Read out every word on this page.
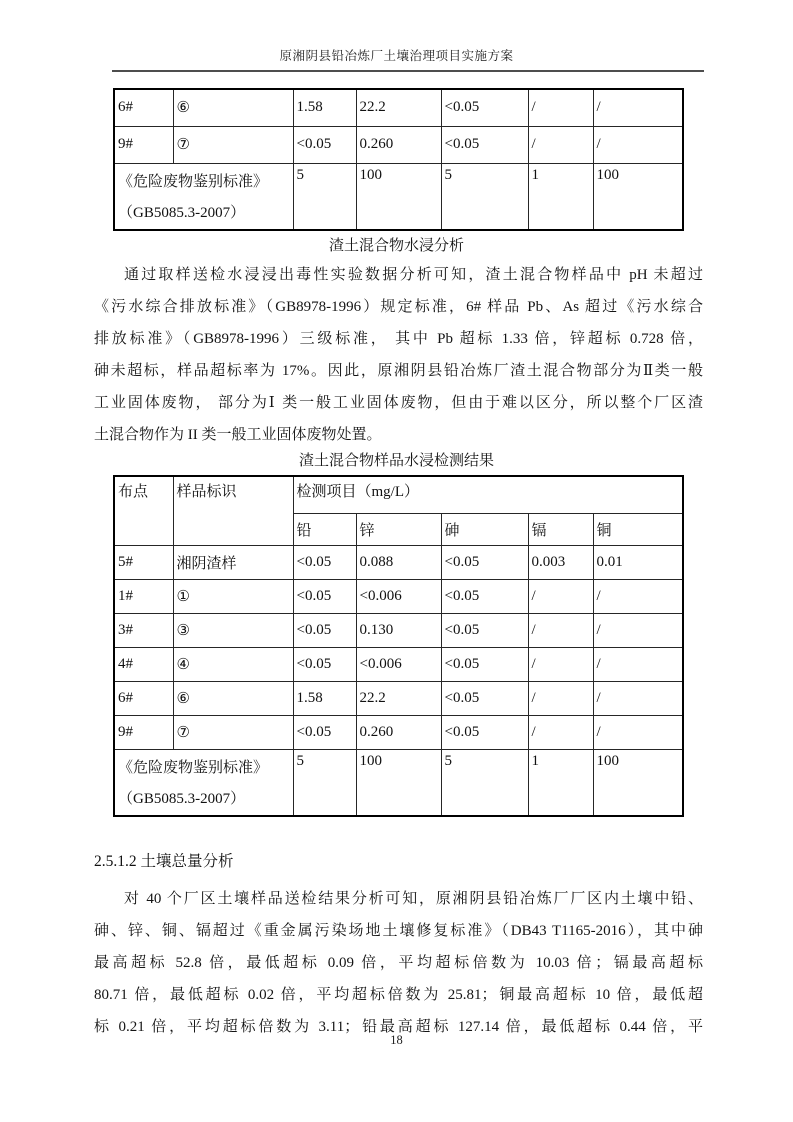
原湘阴县铅冶炼厂土壤治理项目实施方案
6#	⑥	1.58	22.2	<0.05	/	/
9#	⑦	<0.05	0.260	<0.05	/	/

《危险废物鉴别标准》
（GB5085.3-2007）		5	100	5	1	100
渣土混合物水浸分析
通过取样送检水浸浸出毒性实验数据分析可知，渣土混合物样品中 pH 未超过
《污水综合排放标准》（GB8978-1996）规定标准，6# 样品 Pb、As 超过《污水综合
排放标准》（GB8978-1996）三级标准， 其中 Pb 超标 1.33 倍，锌超标 0.728 倍，
砷未超标，样品超标率为 17%。因此，原湘阴县铅冶炼厂渣土混合物部分为Ⅱ类一般
工业固体废物， 部分为Ⅰ 类一般工业固体废物，但由于难以区分，所以整个厂区渣
土混合物作为 II 类一般工业固体废物处置。
渣土混合物样品水浸检测结果
布点	样品标识	检测项目（mg/L）				
		铅	锌	砷	镉	铜
5#	湘阴渣样	<0.05	0.088	<0.05	0.003	0.01
1#	①	<0.05	<0.006	<0.05	/	/
3#	③	<0.05	0.130	<0.05	/	/
4#	④	<0.05	<0.006	<0.05	/	/
6#	⑥	1.58	22.2	<0.05	/	/
9#	⑦	<0.05	0.260	<0.05	/	/

《危险废物鉴别标准》
（GB5085.3-2007）		5	100	5	1	100
2.5.1.2 土壤总量分析
对 40 个厂区土壤样品送检结果分析可知，原湘阴县铅冶炼厂厂区内土壤中铅、
砷、锌、铜、镉超过《重金属污染场地土壤修复标准》（DB43 T1165-2016），其中砷
最高超标 52.8 倍，最低超标 0.09 倍，平均超标倍数为 10.03 倍；镉最高超标
80.71 倍，最低超标 0.02 倍，平均超标倍数为 25.81；铜最高超标 10 倍，最低超
标 0.21 倍，平均超标倍数为 3.11；铅最高超标 127.14 倍，最低超标 0.44 倍，平
18
